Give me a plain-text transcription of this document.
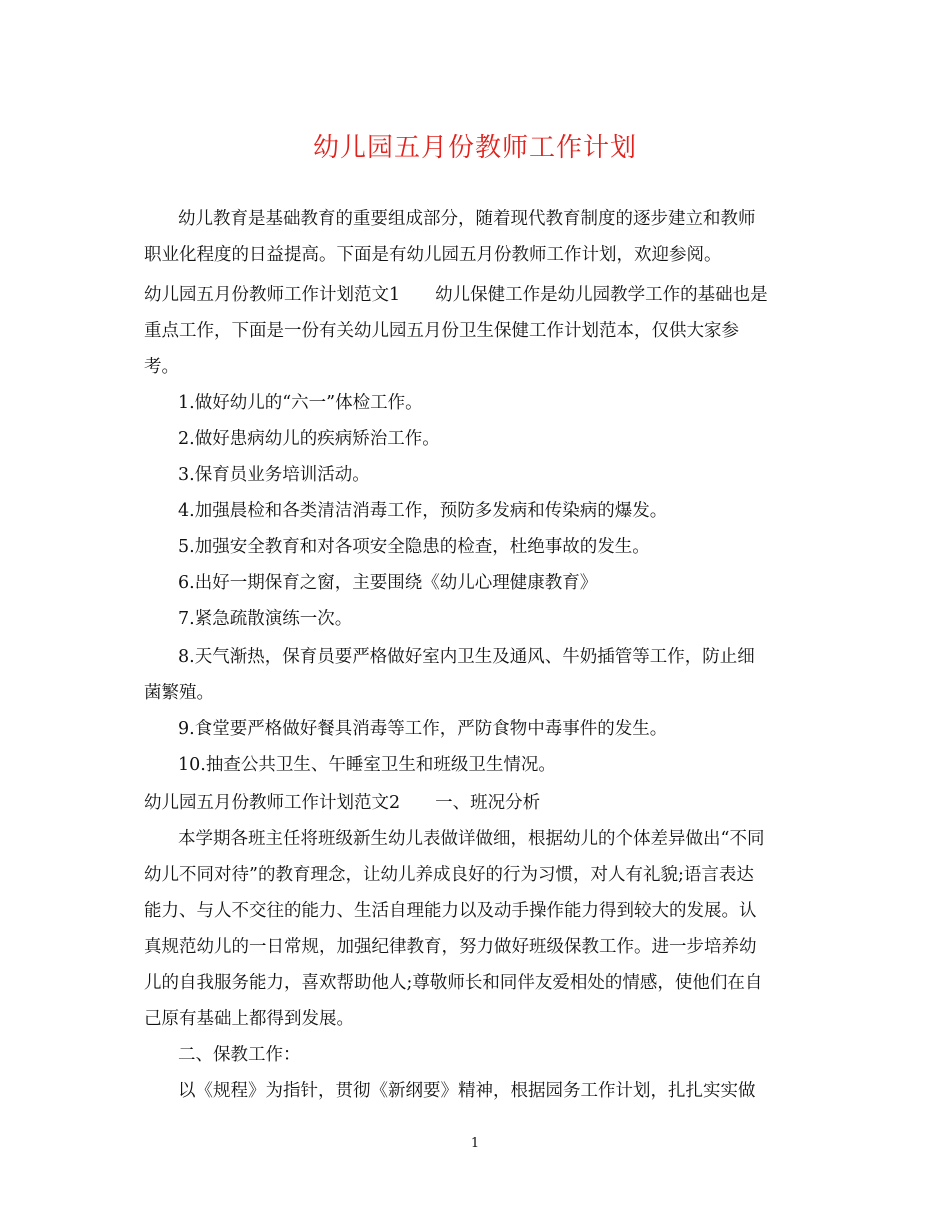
幼儿园五月份教师工作计划
幼儿教育是基础教育的重要组成部分，随着现代教育制度的逐步建立和教师
职业化程度的日益提高。下面是有幼儿园五月份教师工作计划，欢迎参阅。
幼儿园五月份教师工作计划范文1　　幼儿保健工作是幼儿园教学工作的基础也是
重点工作，下面是一份有关幼儿园五月份卫生保健工作计划范本，仅供大家参
考。
1.做好幼儿的“六一”体检工作。
2.做好患病幼儿的疾病矫治工作。
3.保育员业务培训活动。
4.加强晨检和各类清洁消毒工作，预防多发病和传染病的爆发。
5.加强安全教育和对各项安全隐患的检查，杜绝事故的发生。
6.出好一期保育之窗，主要围绕《幼儿心理健康教育》
7.紧急疏散演练一次。
8.天气渐热，保育员要严格做好室内卫生及通风、牛奶插管等工作，防止细
菌繁殖。
9.食堂要严格做好餐具消毒等工作，严防食物中毒事件的发生。
10.抽查公共卫生、午睡室卫生和班级卫生情况。
幼儿园五月份教师工作计划范文2　　一、班况分析
本学期各班主任将班级新生幼儿表做详做细，根据幼儿的个体差异做出“不同
幼儿不同对待”的教育理念，让幼儿养成良好的行为习惯，对人有礼貌;语言表达
能力、与人不交往的能力、生活自理能力以及动手操作能力得到较大的发展。认
真规范幼儿的一日常规，加强纪律教育，努力做好班级保教工作。进一步培养幼
儿的自我服务能力，喜欢帮助他人;尊敬师长和同伴友爱相处的情感，使他们在自
己原有基础上都得到发展。
二、保教工作：
以《规程》为指针，贯彻《新纲要》精神，根据园务工作计划，扎扎实实做
1
